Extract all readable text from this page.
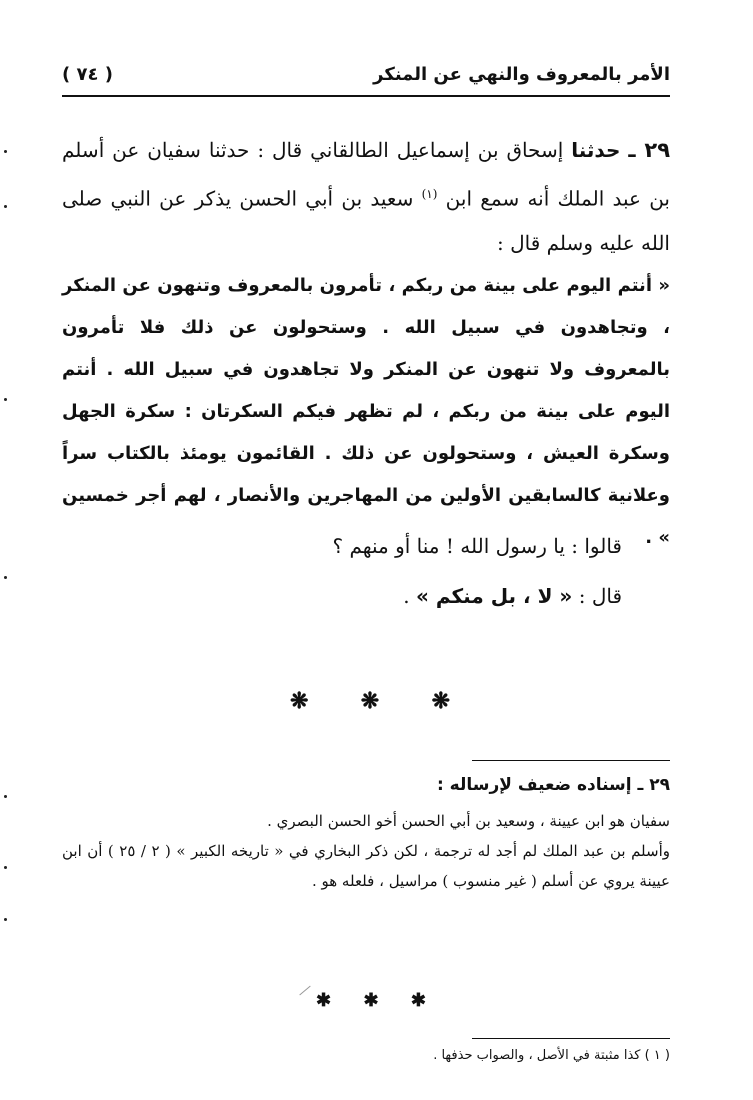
الأمر بالمعروف والنهي عن المنكر
( ٧٤ )
٢٩ ـ حدثنا إسحاق بن إسماعيل الطالقاني قال : حدثنا سفيان عن أسلم بن عبد الملك أنه سمع ابن $^{(١)}$ سعيد بن أبي الحسن يذكر عن النبي صلى الله عليه وسلم قال :
« أنتم اليوم على بينة من ربكم ، تأمرون بالمعروف وتنهون عن المنكر ، وتجاهدون في سبيل الله . وستحولون عن ذلك فلا تأمرون بالمعروف ولا تنهون عن المنكر ولا تجاهدون في سبيل الله . أنتم اليوم على بينة من ربكم ، لم تظهر فيكم السكرتان : سكرة الجهل وسكرة العيش ، وستحولون عن ذلك . القائمون يومئذ بالكتاب سراً وعلانية كالسابقين الأولين من المهاجرين والأنصار ، لهم أجر خمسين » .
قالوا : يا رسول الله ! منا أو منهم ؟
قال : « لا ، بل منكم » .
❋ ❋ ❋
٢٩ ـ إسناده ضعيف لإرساله :

سفيان هو ابن عيينة ، وسعيد بن أبي الحسن أخو الحسن البصري .

وأسلم بن عبد الملك لم أجد له ترجمة ، لكن ذكر البخاري في « تاريخه الكبير » ( ٢ / ٢٥ ) أن ابن عيينة يروي عن أسلم ( غير منسوب ) مراسيل ، فلعله هو .

✱ ✱ ✱
( ١ ) كذا مثبتة في الأصل ، والصواب حذفها .
